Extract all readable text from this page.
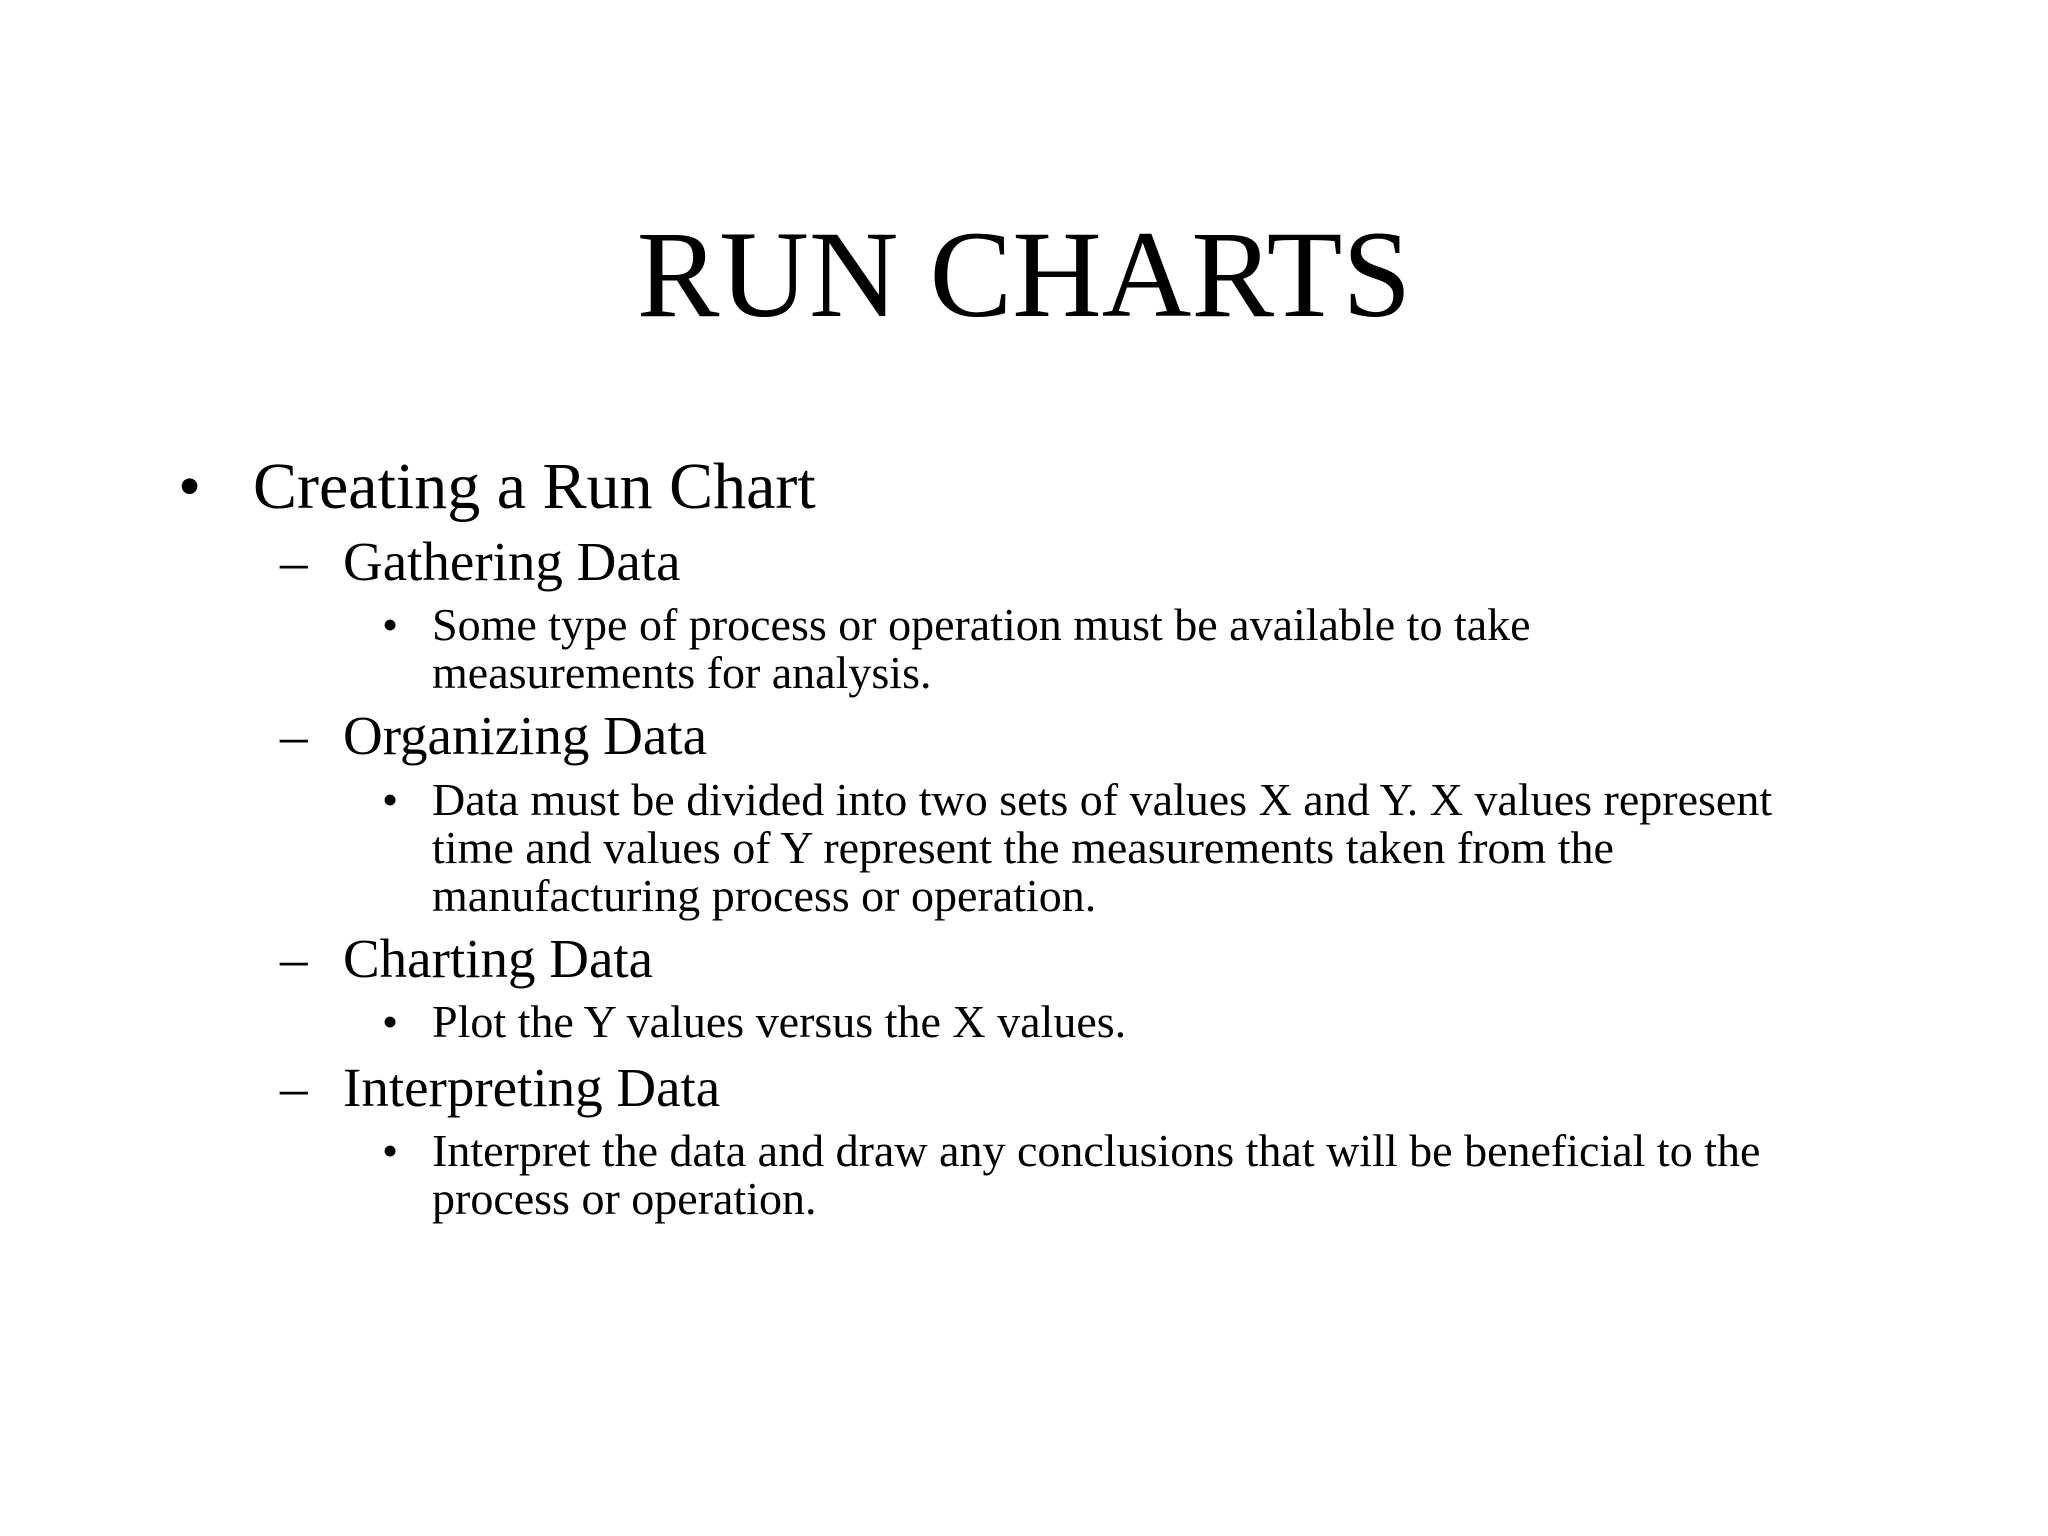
RUN CHARTS
• Creating a Run Chart
– Gathering Data
• Some type of process or operation must be available to take
measurements for analysis.
– Organizing Data
• Data must be divided into two sets of values X and Y. X values represent
time and values of Y represent the measurements taken from the
manufacturing process or operation.
– Charting Data
• Plot the Y values versus the X values.
– Interpreting Data
• Interpret the data and draw any conclusions that will be beneficial to the
process or operation.
